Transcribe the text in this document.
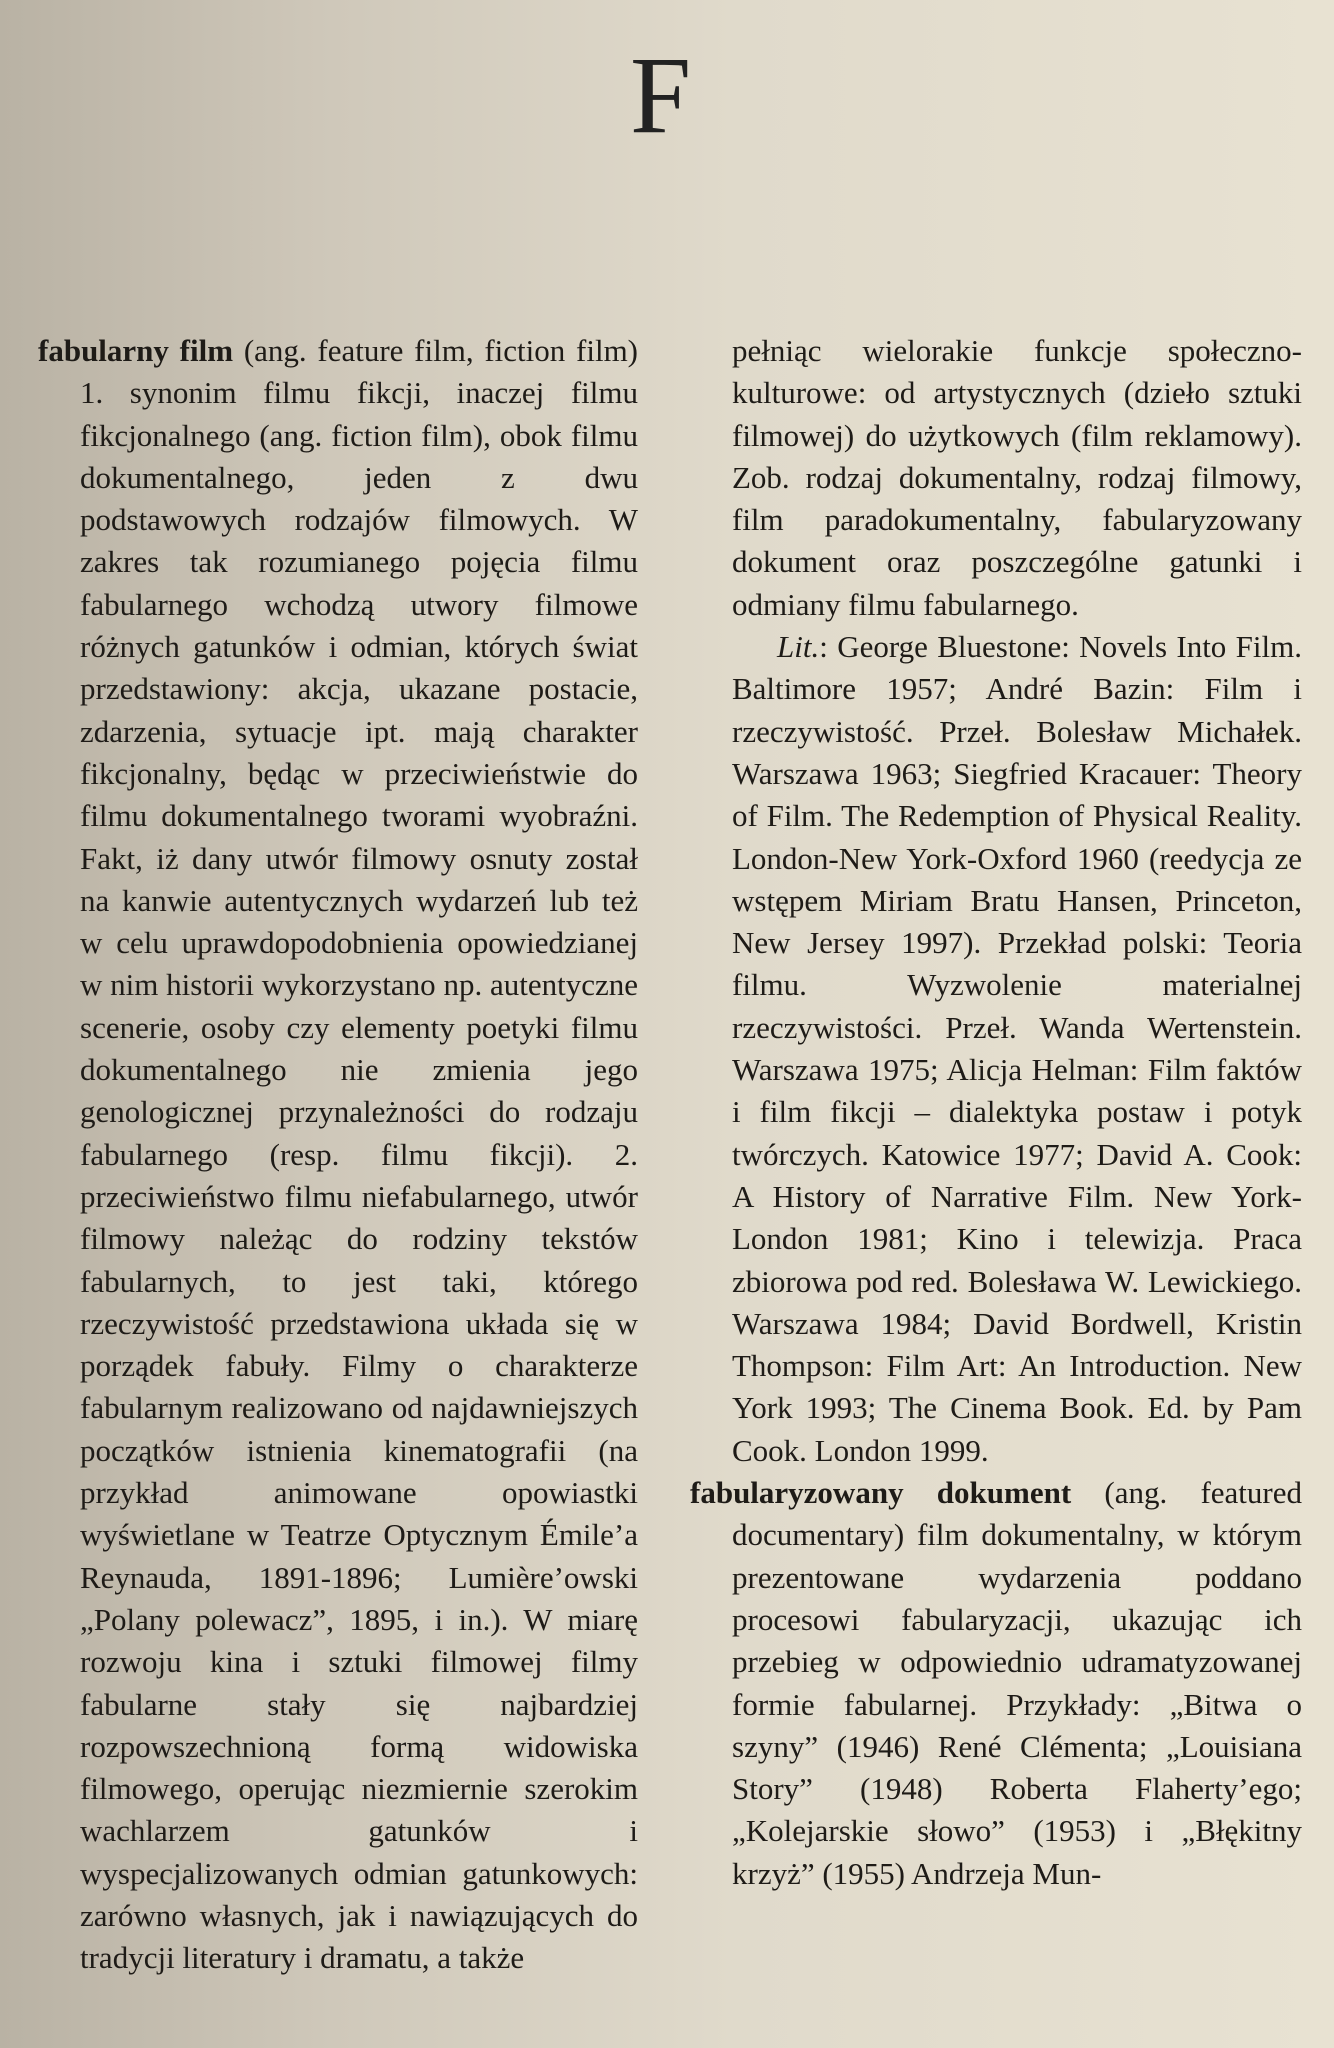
F

fabularny film (ang. feature film, fiction film) 1. synonim filmu fikcji, inaczej filmu fikcjonalnego (ang. fiction film), obok filmu dokumentalnego, jeden z dwu podstawowych rodzajów filmowych. W zakres tak rozumianego pojęcia filmu fabularnego wchodzą utwory filmowe różnych gatunków i odmian, których świat przedstawiony: akcja, ukazane postacie, zdarzenia, sytuacje ipt. mają charakter fikcjonalny, będąc w przeciwieństwie do filmu dokumentalnego tworami wyobraźni. Fakt, iż dany utwór filmowy osnuty został na kanwie autentycznych wydarzeń lub też w celu uprawdopodobnienia opowiedzianej w nim historii wykorzystano np. autentyczne scenerie, osoby czy elementy poetyki filmu dokumentalnego nie zmienia jego genologicznej przynależności do rodzaju fabularnego (resp. filmu fikcji). 2. przeciwieństwo filmu niefabularnego, utwór filmowy należąc do rodziny tekstów fabularnych, to jest taki, którego rzeczywistość przedstawiona układa się w porządek fabuły. Filmy o charakterze fabularnym realizowano od najdawniejszych początków istnienia kinematografii (na przykład animowane opowiastki wyświetlane w Teatrze Optycznym Émile’a Reynauda, 1891-1896; Lumière’owski „Polany polewacz”, 1895, i in.). W miarę rozwoju kina i sztuki filmowej filmy fabularne stały się najbardziej rozpowszechnioną formą widowiska filmowego, operując niezmiernie szerokim wachlarzem gatunków i wyspecjalizowanych odmian gatunkowych: zarówno własnych, jak i nawiązujących do tradycji literatury i dramatu, a także

pełniąc wielorakie funkcje społeczno-kulturowe: od artystycznych (dzieło sztuki filmowej) do użytkowych (film reklamowy). Zob. rodzaj dokumentalny, rodzaj filmowy, film paradokumentalny, fabularyzowany dokument oraz poszczególne gatunki i odmiany filmu fabularnego.

Lit.: George Bluestone: Novels Into Film. Baltimore 1957; André Bazin: Film i rzeczywistość. Przeł. Bolesław Michałek. Warszawa 1963; Siegfried Kracauer: Theory of Film. The Redemption of Physical Reality. London-New York-Oxford 1960 (reedycja ze wstępem Miriam Bratu Hansen, Princeton, New Jersey 1997). Przekład polski: Teoria filmu. Wyzwolenie materialnej rzeczywistości. Przeł. Wanda Wertenstein. Warszawa 1975; Alicja Helman: Film faktów i film fikcji – dialektyka postaw i potyk twórczych. Katowice 1977; David A. Cook: A History of Narrative Film. New York-London 1981; Kino i telewizja. Praca zbiorowa pod red. Bolesława W. Lewickiego. Warszawa 1984; David Bordwell, Kristin Thompson: Film Art: An Introduction. New York 1993; The Cinema Book. Ed. by Pam Cook. London 1999.

fabularyzowany dokument (ang. featured documentary) film dokumentalny, w którym prezentowane wydarzenia poddano procesowi fabularyzacji, ukazując ich przebieg w odpowiednio udramatyzowanej formie fabularnej. Przykłady: „Bitwa o szyny” (1946) René Clémenta; „Louisiana Story” (1948) Roberta Flaherty’ego; „Kolejarskie słowo” (1953) i „Błękitny krzyż” (1955) Andrzeja Mun-
